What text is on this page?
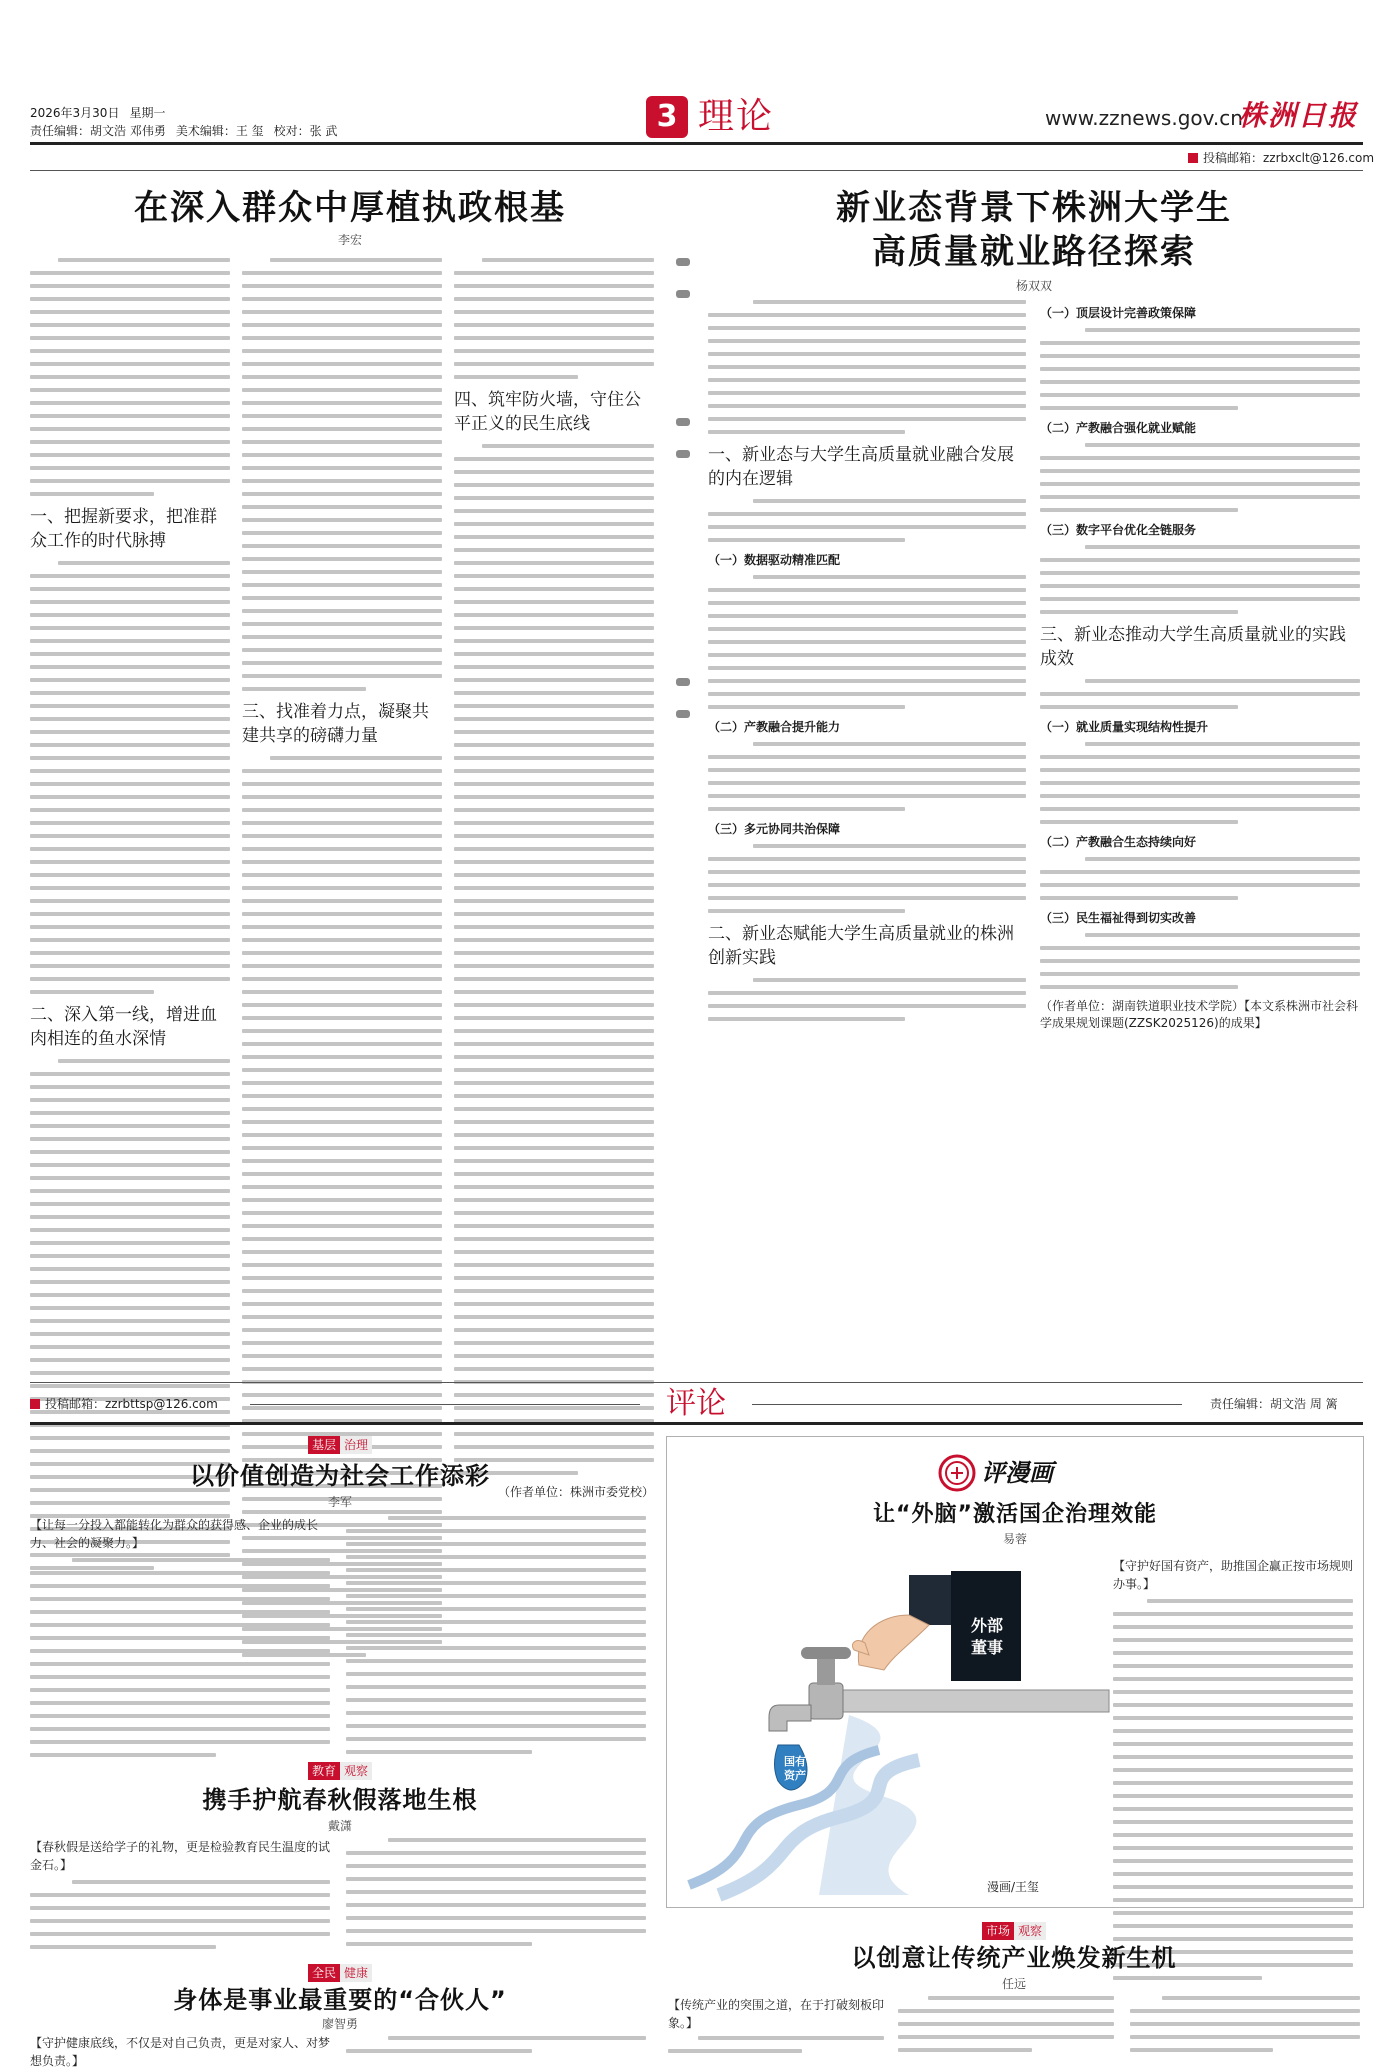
2026年3月30日 星期一
责任编辑：胡文浩 邓伟勇 美术编辑：王 玺 校对：张 武	3 理论	www.zznews.gov.cn
株洲日报
投稿邮箱：zzrbxclt@126.com
在深入群众中厚植执政根基
李宏
一、把握新要求，把准群众工作的时代脉搏
二、深入第一线，增进血肉相连的鱼水深情
三、找准着力点，凝聚共建共享的磅礴力量
四、筑牢防火墙，守住公平正义的民生底线
（作者单位：株洲市委党校）
新业态背景下株洲大学生
高质量就业路径探索
杨双双
一、新业态与大学生高质量就业融合发展的内在逻辑
（一）数据驱动精准匹配
（二）产教融合提升能力
（三）多元协同共治保障
二、新业态赋能大学生高质量就业的株洲创新实践
（一）顶层设计完善政策保障
（二）产教融合强化就业赋能
（三）数字平台优化全链服务
三、新业态推动大学生高质量就业的实践成效
（一）就业质量实现结构性提升
（二）产教融合生态持续向好
（三）民生福祉得到切实改善
（作者单位：湖南铁道职业技术学院）【本文系株洲市社会科学成果规划课题(ZZSK2025126)的成果】
投稿邮箱：zzrbttsp@126.com	评论	责任编辑：胡文浩 周 篱
基层 治理
以价值创造为社会工作添彩
李军
【让每一分投入都能转化为群众的获得感、企业的成长力、社会的凝聚力。】
教育 观察
携手护航春秋假落地生根
戴潇
【春秋假是送给学子的礼物，更是检验教育民生温度的试金石。】
全民 健康
身体是事业最重要的“合伙人”
廖智勇
【守护健康底线，不仅是对自己负责，更是对家人、对梦想负责。】
评漫画
让“外脑”激活国企治理效能
易蓉
外部
董事
国有
资产
漫画/王玺
【守护好国有资产，助推国企赢正按市场规则办事。】
市场 观察
以创意让传统产业焕发新生机
任远
【传统产业的突围之道，在于打破刻板印象。】
